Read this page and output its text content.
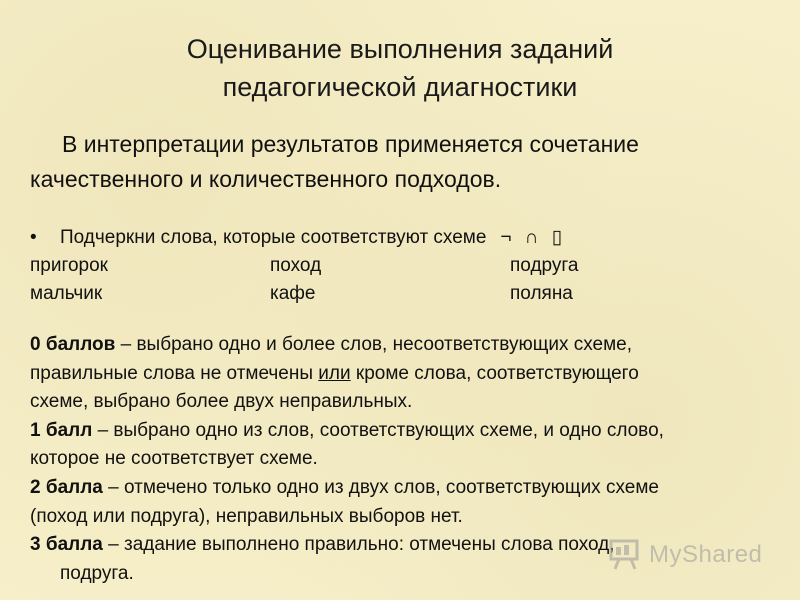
Оценивание выполнения заданий
педагогической диагностики
В интерпретации результатов применяется сочетание
качественного и количественного подходов.
• Подчеркни слова, которые соответствуют схеме ¬ ∩ ▯
пригорок	поход	подруга
мальчик	кафе	поляна

0 баллов – выбрано одно и более слов, несоответствующих схеме,

правильные слова не отмечены или кроме слова, соответствующего

схеме, выбрано более двух неправильных.

1 балл – выбрано одно из слов, соответствующих схеме, и одно слово,

которое не соответствует схеме.

2 балла – отмечено только одно из двух слов, соответствующих схеме

(поход или подруга), неправильных выборов нет.

3 балла – задание выполнено правильно: отмечены слова поход,

подруга.

MyShared
